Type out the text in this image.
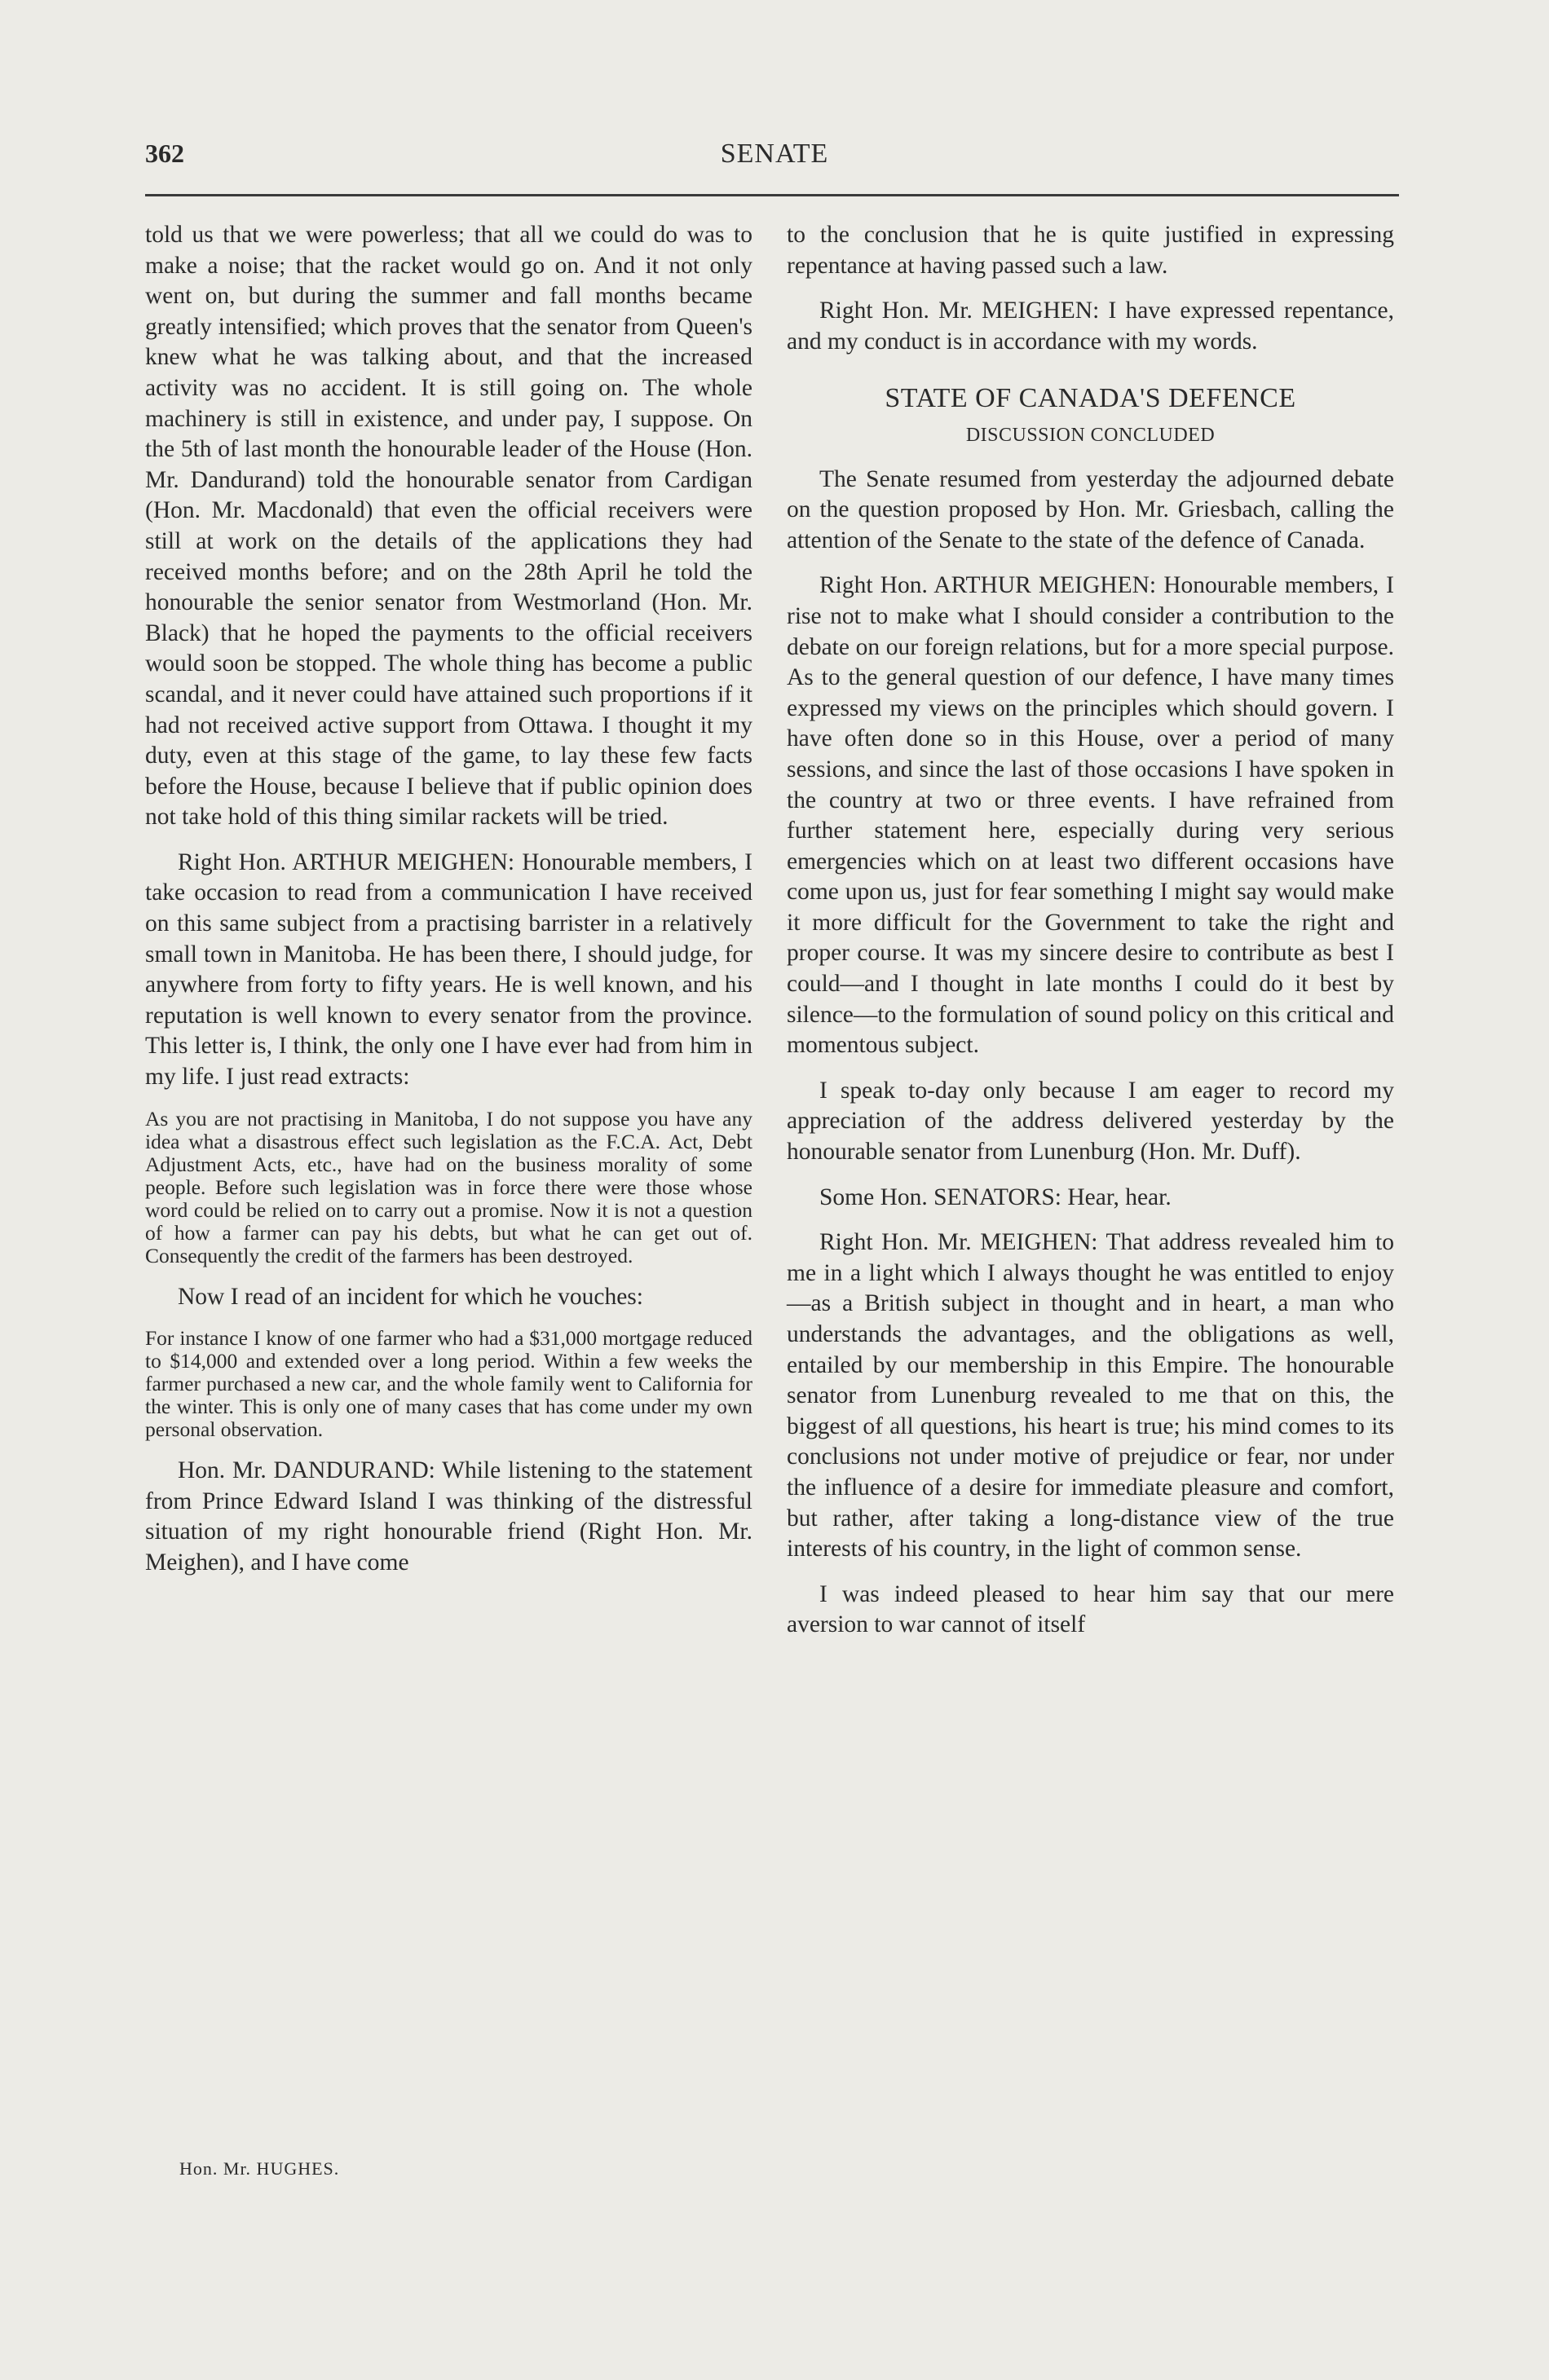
362	SENATE

told us that we were powerless; that all we could do was to make a noise; that the racket would go on. And it not only went on, but during the summer and fall months became greatly intensified; which proves that the senator from Queen's knew what he was talking about, and that the increased activity was no accident. It is still going on. The whole machinery is still in existence, and under pay, I suppose. On the 5th of last month the honourable leader of the House (Hon. Mr. Dandurand) told the honourable senator from Cardigan (Hon. Mr. Macdonald) that even the official receivers were still at work on the details of the applications they had received months before; and on the 28th April he told the honourable the senior senator from Westmorland (Hon. Mr. Black) that he hoped the payments to the official receivers would soon be stopped. The whole thing has become a public scandal, and it never could have attained such proportions if it had not received active support from Ottawa. I thought it my duty, even at this stage of the game, to lay these few facts before the House, because I believe that if public opinion does not take hold of this thing similar rackets will be tried.

Right Hon. ARTHUR MEIGHEN: Honourable members, I take occasion to read from a communication I have received on this same subject from a practising barrister in a relatively small town in Manitoba. He has been there, I should judge, for anywhere from forty to fifty years. He is well known, and his reputation is well known to every senator from the province. This letter is, I think, the only one I have ever had from him in my life. I just read extracts:

As you are not practising in Manitoba, I do not suppose you have any idea what a disastrous effect such legislation as the F.C.A. Act, Debt Adjustment Acts, etc., have had on the business morality of some people. Before such legislation was in force there were those whose word could be relied on to carry out a promise. Now it is not a question of how a farmer can pay his debts, but what he can get out of. Consequently the credit of the farmers has been destroyed.

Now I read of an incident for which he vouches:

For instance I know of one farmer who had a $31,000 mortgage reduced to $14,000 and extended over a long period. Within a few weeks the farmer purchased a new car, and the whole family went to California for the winter. This is only one of many cases that has come under my own personal observation.

Hon. Mr. DANDURAND: While listening to the statement from Prince Edward Island I was thinking of the distressful situation of my right honourable friend (Right Hon. Mr. Meighen), and I have come

to the conclusion that he is quite justified in expressing repentance at having passed such a law.

Right Hon. Mr. MEIGHEN: I have expressed repentance, and my conduct is in accordance with my words.

STATE OF CANADA'S DEFENCE

DISCUSSION CONCLUDED

The Senate resumed from yesterday the adjourned debate on the question proposed by Hon. Mr. Griesbach, calling the attention of the Senate to the state of the defence of Canada.

Right Hon. ARTHUR MEIGHEN: Honourable members, I rise not to make what I should consider a contribution to the debate on our foreign relations, but for a more special purpose. As to the general question of our defence, I have many times expressed my views on the principles which should govern. I have often done so in this House, over a period of many sessions, and since the last of those occasions I have spoken in the country at two or three events. I have refrained from further statement here, especially during very serious emergencies which on at least two different occasions have come upon us, just for fear something I might say would make it more difficult for the Government to take the right and proper course. It was my sincere desire to contribute as best I could—and I thought in late months I could do it best by silence—to the formulation of sound policy on this critical and momentous subject.

I speak to-day only because I am eager to record my appreciation of the address delivered yesterday by the honourable senator from Lunenburg (Hon. Mr. Duff).

Some Hon. SENATORS: Hear, hear.

Right Hon. Mr. MEIGHEN: That address revealed him to me in a light which I always thought he was entitled to enjoy—as a British subject in thought and in heart, a man who understands the advantages, and the obligations as well, entailed by our membership in this Empire. The honourable senator from Lunenburg revealed to me that on this, the biggest of all questions, his heart is true; his mind comes to its conclusions not under motive of prejudice or fear, nor under the influence of a desire for immediate pleasure and comfort, but rather, after taking a long-distance view of the true interests of his country, in the light of common sense.

I was indeed pleased to hear him say that our mere aversion to war cannot of itself

Hon. Mr. HUGHES.
